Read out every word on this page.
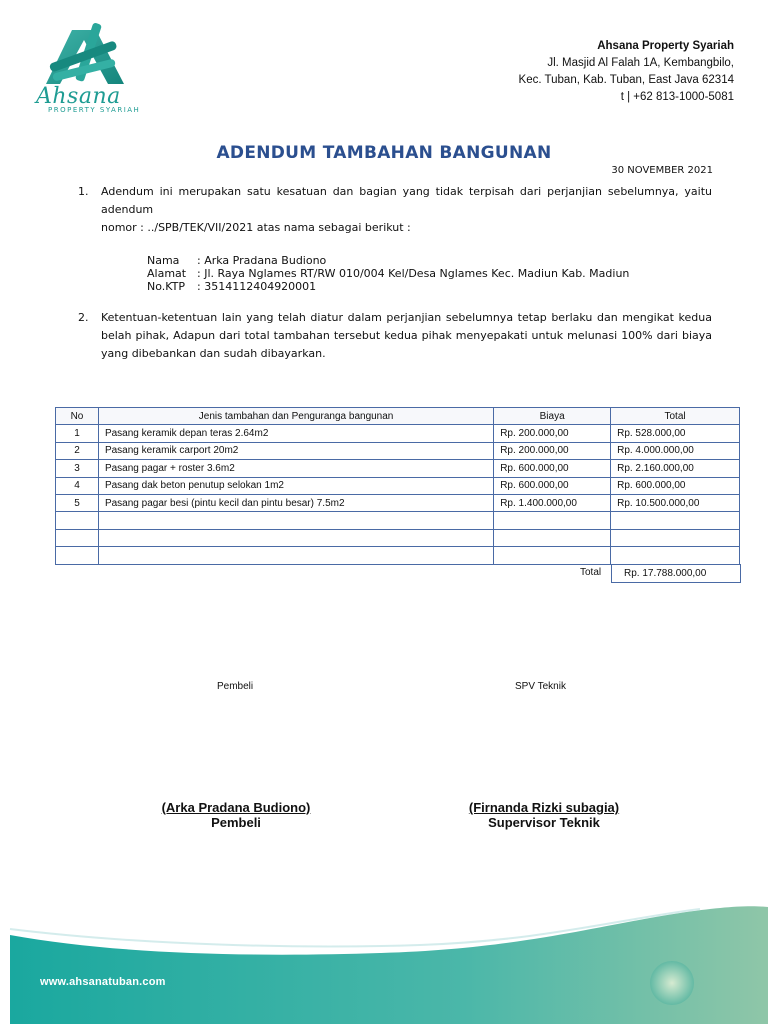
Ahsana
PROPERTY SYARIAH
Ahsana Property Syariah
Jl. Masjid Al Falah 1A, Kembangbilo,
Kec. Tuban, Kab. Tuban, East Java 62314
t | +62 813-1000-5081
ADENDUM TAMBAHAN BANGUNAN
30 NOVEMBER 2021
1. Adendum ini merupakan satu kesatuan dan bagian yang tidak terpisah dari perjanjian sebelumnya, yaitu adendum
nomor : ../SPB/TEK/VII/2021 atas nama sebagai berikut :
Nama : Arka Pradana Budiono
Alamat : Jl. Raya Nglames RT/RW 010/004 Kel/Desa Nglames Kec. Madiun Kab. Madiun
No.KTP : 3514112404920001
2. Ketentuan-ketentuan lain yang telah diatur dalam perjanjian sebelumnya tetap berlaku dan mengikat kedua belah pihak, Adapun dari total tambahan tersebut kedua pihak menyepakati untuk melunasi 100% dari biaya yang dibebankan dan sudah dibayarkan.
No	Jenis tambahan dan Penguranga bangunan	Biaya	Total
1	Pasang keramik depan teras 2.64m2	Rp. 200.000,00	Rp. 528.000,00
2	Pasang keramik carport 20m2	Rp. 200.000,00	Rp. 4.000.000,00
3	Pasang pagar + roster 3.6m2	Rp. 600.000,00	Rp. 2.160.000,00
4	Pasang dak beton penutup selokan 1m2	Rp. 600.000,00	Rp. 600.000,00
5	Pasang pagar besi (pintu kecil dan pintu besar) 7.5m2	Rp. 1.400.000,00	Rp. 10.500.000,00

Total	Rp. 17.788.000,00
Pembeli	SPV Teknik
(Arka Pradana Budiono)
Pembeli
(Firnanda Rizki subagia)
Supervisor Teknik
www.ahsanatuban.com
